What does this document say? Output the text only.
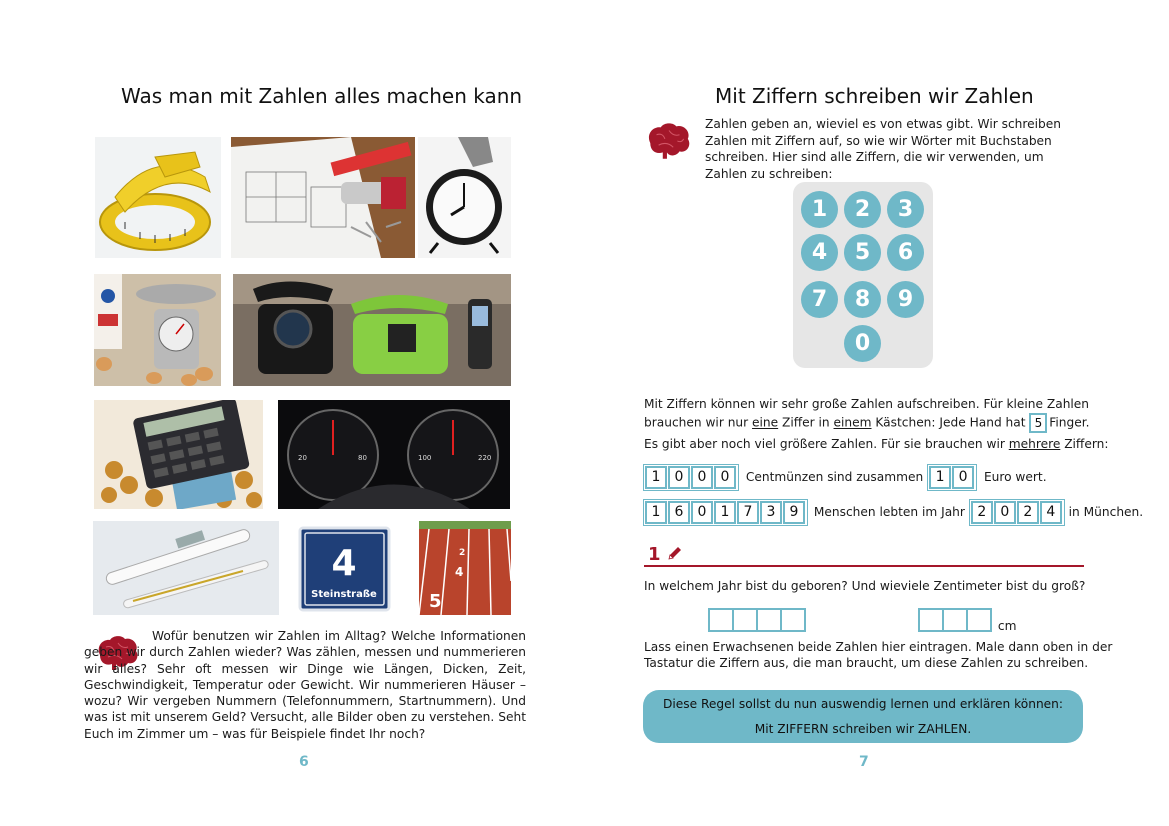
Was man mit Zahlen alles machen kann
20	80	100	220
4
Steinstraße
2
4
5
Wofür benutzen wir Zahlen im Alltag? Welche Informationen geben wir durch Zahlen wieder? Was zählen, messen und nummerieren wir alles? Sehr oft messen wir Dinge wie Längen, Dicken, Zeit, Geschwindigkeit, Temperatur oder Gewicht. Wir nummerieren Häuser – wozu? Wir vergeben Nummern (Telefonnummern, Startnummern). Und was ist mit unserem Geld? Versucht, alle Bilder oben zu verstehen. Seht Euch im Zimmer um – was für Beispiele findet Ihr noch?
6
Mit Ziffern schreiben wir Zahlen
Zahlen geben an, wieviel es von etwas gibt. Wir schreiben Zahlen mit Ziffern auf, so wie wir Wörter mit Buchstaben schreiben. Hier sind alle Ziffern, die wir verwenden, um Zahlen zu schreiben:
1	2	3
4	5	6
7	8	9
0
Mit Ziffern können wir sehr große Zahlen aufschreiben. Für kleine Zahlen
brauchen wir nur eine Ziffer in einem Kästchen: Jede Hand hat 5 Finger.
Es gibt aber noch viel größere Zahlen. Für sie brauchen wir mehrere Ziffern:
1 0 0 0 Centmünzen sind zusammen 1 0 Euro wert.
1 6 0 1 7 3 9 Menschen lebten im Jahr 2 0 2 4 in München.
1
In welchem Jahr bist du geboren? Und wieviele Zentimeter bist du groß?
cm
Lass einen Erwachsenen beide Zahlen hier eintragen. Male dann oben in der
Tastatur die Ziffern aus, die man braucht, um diese Zahlen zu schreiben.
Diese Regel sollst du nun auswendig lernen und erklären können:
Mit ZIFFERN schreiben wir ZAHLEN.
7
